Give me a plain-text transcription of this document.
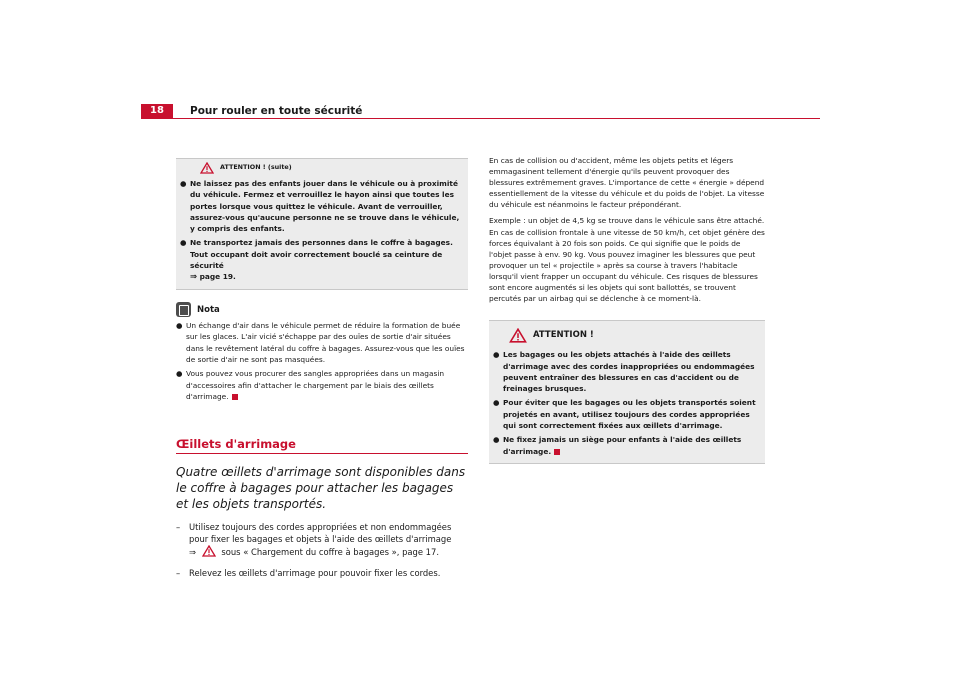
18	Pour rouler en toute sécurité
ATTENTION ! (suite)
● Ne laissez pas des enfants jouer dans le véhicule ou à proximité du véhicule. Fermez et verrouillez le hayon ainsi que toutes les portes lorsque vous quittez le véhicule. Avant de verrouiller, assurez-vous qu'aucune personne ne se trouve dans le véhicule, y compris des enfants.

● Ne transportez jamais des personnes dans le coffre à bagages. Tout occupant doit avoir correctement bouclé sa ceinture de sécurité
⇒ page 19.

Nota
● Un échange d'air dans le véhicule permet de réduire la formation de buée sur les glaces. L'air vicié s'échappe par des ouïes de sortie d'air situées dans le revêtement latéral du coffre à bagages. Assurez-vous que les ouïes de sortie d'air ne sont pas masquées.

● Vous pouvez vous procurer des sangles appropriées dans un magasin d'accessoires afin d'attacher le chargement par le biais des œillets d'arrimage.

Œillets d'arrimage
Quatre œillets d'arrimage sont disponibles dans le coffre à bagages pour attacher les bagages et les objets transportés.
–	Utilisez toujours des cordes appropriées et non endommagées pour fixer les bagages et objets à l'aide des œillets d'arrimage
⇒	sous « Chargement du coffre à bagages », page 17.

–	Relevez les œillets d'arrimage pour pouvoir fixer les cordes.

En cas de collision ou d'accident, même les objets petits et légers emmagasinent tellement d'énergie qu'ils peuvent provoquer des blessures extrêmement graves. L'importance de cette « énergie » dépend essentiellement de la vitesse du véhicule et du poids de l'objet. La vitesse du véhicule est néanmoins le facteur prépondérant.

Exemple : un objet de 4,5 kg se trouve dans le véhicule sans être attaché. En cas de collision frontale à une vitesse de 50 km/h, cet objet génère des forces équivalant à 20 fois son poids. Ce qui signifie que le poids de l'objet passe à env. 90 kg. Vous pouvez imaginer les blessures que peut provoquer un tel « projectile » après sa course à travers l'habitacle lorsqu'il vient frapper un occupant du véhicule. Ces risques de blessures sont encore augmentés si les objets qui sont ballottés, se trouvent percutés par un airbag qui se déclenche à ce moment-là.

ATTENTION !
● Les bagages ou les objets attachés à l'aide des œillets d'arrimage avec des cordes inappropriées ou endommagées peuvent entraîner des blessures en cas d'accident ou de freinages brusques.

● Pour éviter que les bagages ou les objets transportés soient projetés en avant, utilisez toujours des cordes appropriées qui sont correctement fixées aux œillets d'arrimage.

● Ne fixez jamais un siège pour enfants à l'aide des œillets d'arrimage.
